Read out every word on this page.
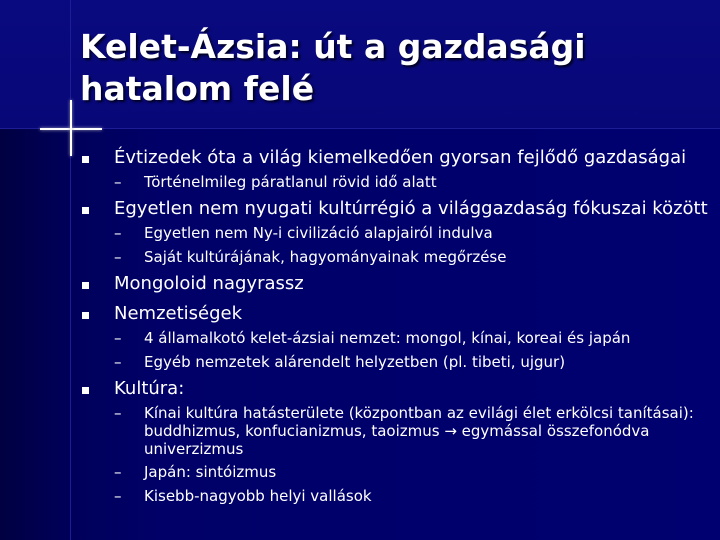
Kelet-Ázsia: út a gazdasági hatalom felé
Évtizedek óta a világ kiemelkedően gyorsan fejlődő gazdaságai
– Történelmileg páratlanul rövid idő alatt
Egyetlen nem nyugati kultúrrégió a világgazdaság fókuszai között
– Egyetlen nem Ny-i civilizáció alapjairól indulva
– Saját kultúrájának, hagyományainak megőrzése
Mongoloid nagyrassz
Nemzetiségek
– 4 államalkotó kelet-ázsiai nemzet: mongol, kínai, koreai és japán
– Egyéb nemzetek alárendelt helyzetben (pl. tibeti, ujgur)
Kultúra:
– Kínai kultúra hatásterülete (központban az evilági élet erkölcsi tanításai): buddhizmus, konfucianizmus, taoizmus → egymással összefonódva univerzizmus
– Japán: sintóizmus
– Kisebb-nagyobb helyi vallások
